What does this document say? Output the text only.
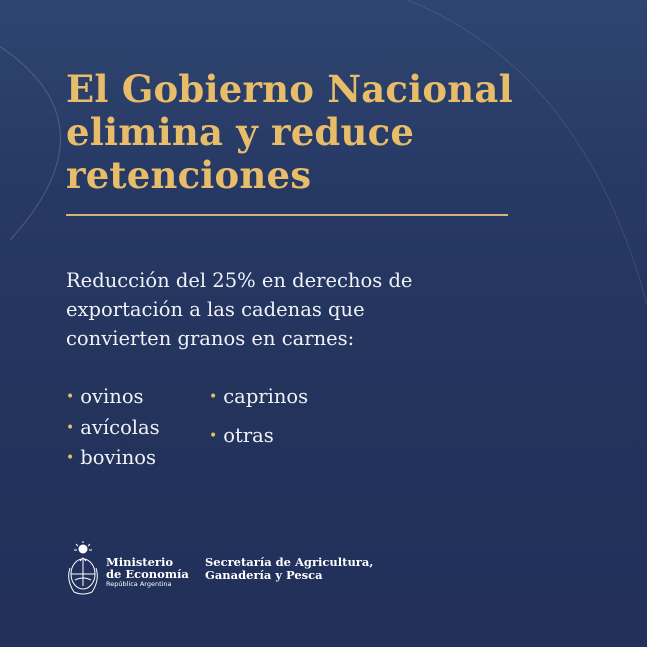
El Gobierno Nacional elimina y reduce retenciones
Reducción del 25% en derechos de exportación a las cadenas que convierten granos en carnes:
• ovinos
• avícolas
• bovinos
• caprinos
• otras
Ministerio
de Economía
República Argentina
Secretaría de Agricultura,
Ganadería y Pesca
